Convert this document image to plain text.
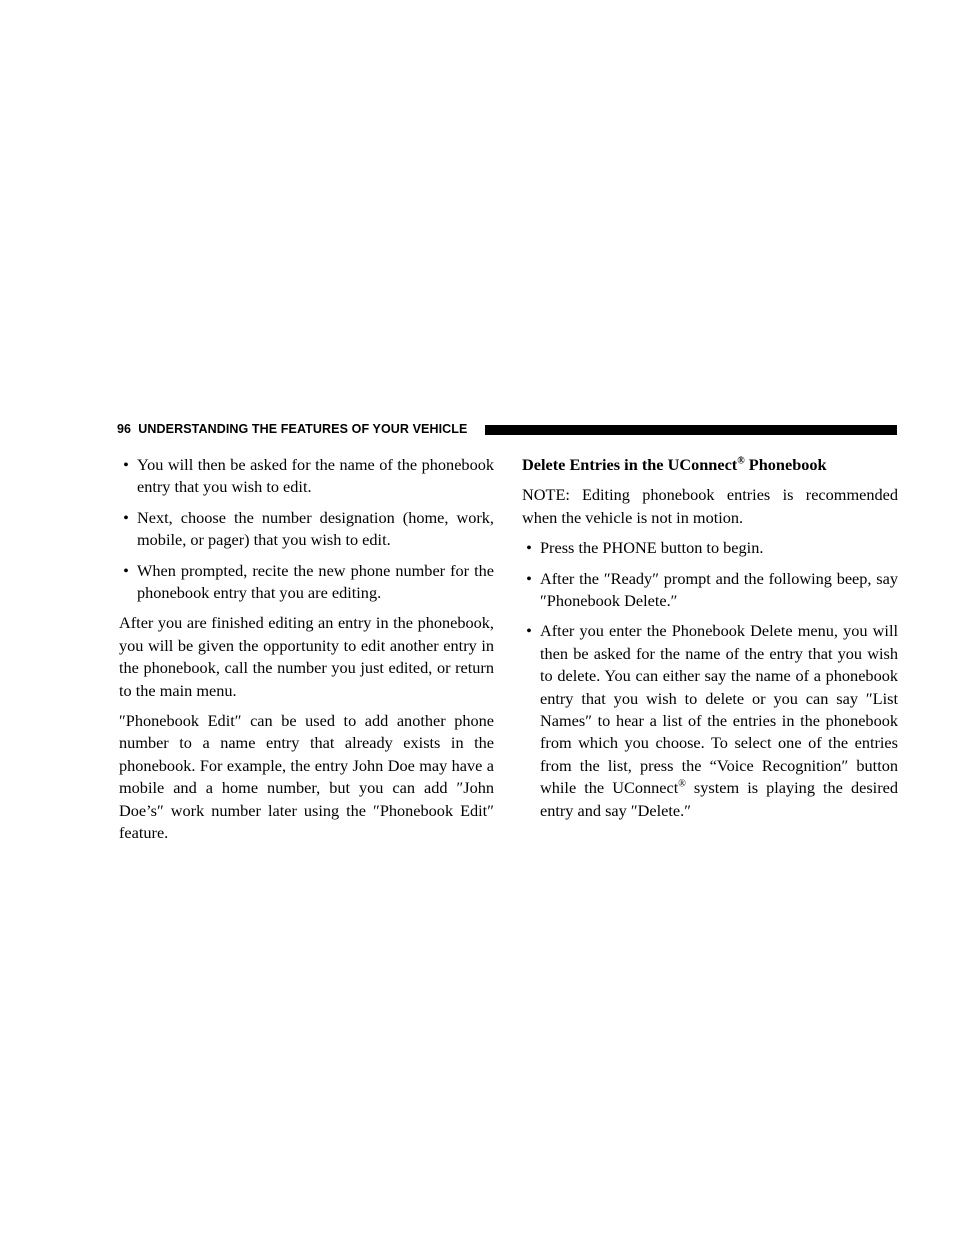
96 UNDERSTANDING THE FEATURES OF YOUR VEHICLE
• You will then be asked for the name of the phonebook entry that you wish to edit.
• Next, choose the number designation (home, work, mobile, or pager) that you wish to edit.
• When prompted, recite the new phone number for the phonebook entry that you are editing.

After you are finished editing an entry in the phonebook, you will be given the opportunity to edit another entry in the phonebook, call the number you just edited, or return to the main menu.

″Phonebook Edit″ can be used to add another phone number to a name entry that already exists in the phonebook. For example, the entry John Doe may have a mobile and a home number, but you can add ″John Doe’s″ work number later using the ″Phonebook Edit″ feature.

Delete Entries in the UConnect® Phonebook

NOTE: Editing phonebook entries is recommended when the vehicle is not in motion.

• Press the PHONE button to begin.
• After the ″Ready″ prompt and the following beep, say ″Phonebook Delete.″
• After you enter the Phonebook Delete menu, you will then be asked for the name of the entry that you wish to delete. You can either say the name of a phonebook entry that you wish to delete or you can say ″List Names″ to hear a list of the entries in the phonebook from which you choose. To select one of the entries from the list, press the “Voice Recognition″ button while the UConnect® system is playing the desired entry and say ″Delete.″
